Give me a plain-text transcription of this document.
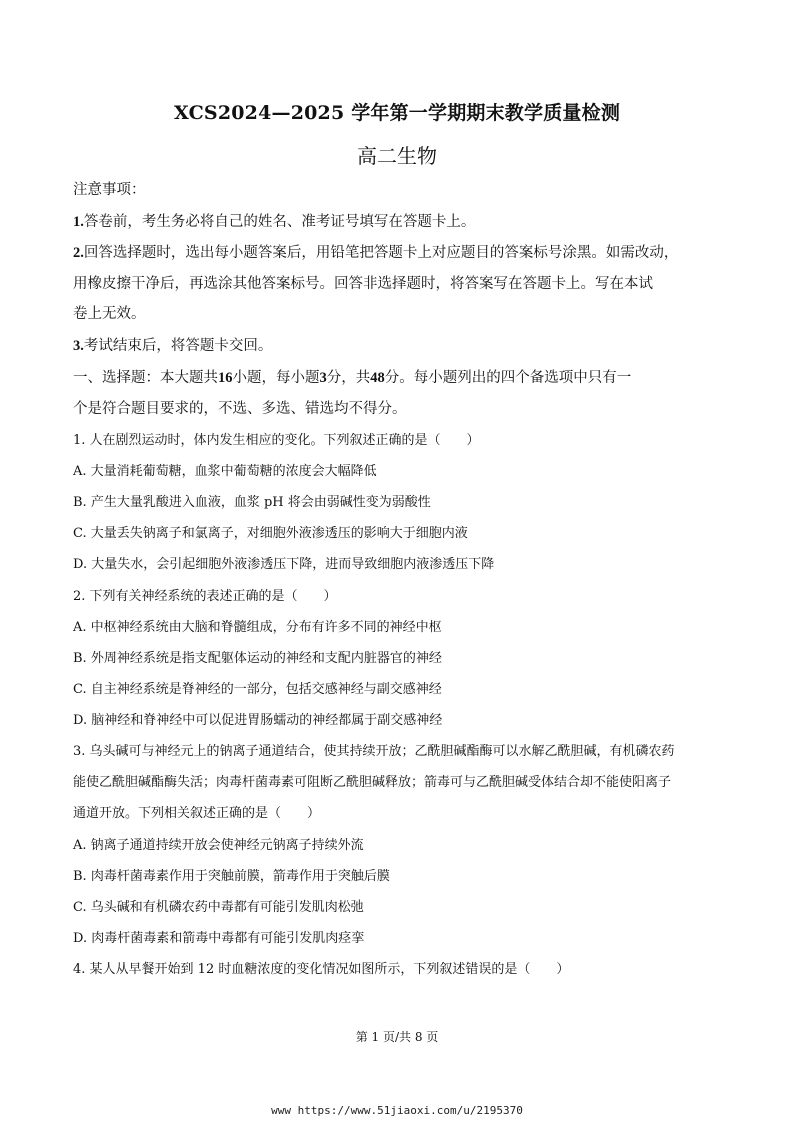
XCS2024—2025 学年第一学期期末教学质量检测
高二生物
注意事项：
1.答卷前，考生务必将自己的姓名、准考证号填写在答题卡上。
2.回答选择题时，选出每小题答案后，用铅笔把答题卡上对应题目的答案标号涂黑。如需改动，
用橡皮擦干净后，再选涂其他答案标号。回答非选择题时，将答案写在答题卡上。写在本试
卷上无效。
3.考试结束后，将答题卡交回。
一、选择题：本大题共16小题，每小题3分，共48分。每小题列出的四个备选项中只有一
个是符合题目要求的，不选、多选、错选均不得分。
1. 人在剧烈运动时，体内发生相应的变化。下列叙述正确的是（　　）
A. 大量消耗葡萄糖，血浆中葡萄糖的浓度会大幅降低
B. 产生大量乳酸进入血液，血浆 pH 将会由弱碱性变为弱酸性
C. 大量丢失钠离子和氯离子，对细胞外液渗透压的影响大于细胞内液
D. 大量失水，会引起细胞外液渗透压下降，进而导致细胞内液渗透压下降
2. 下列有关神经系统的表述正确的是（　　）
A. 中枢神经系统由大脑和脊髓组成，分布有许多不同的神经中枢
B. 外周神经系统是指支配躯体运动的神经和支配内脏器官的神经
C. 自主神经系统是脊神经的一部分，包括交感神经与副交感神经
D. 脑神经和脊神经中可以促进胃肠蠕动的神经都属于副交感神经
3. 乌头碱可与神经元上的钠离子通道结合，使其持续开放；乙酰胆碱酯酶可以水解乙酰胆碱，有机磷农药
能使乙酰胆碱酯酶失活；肉毒杆菌毒素可阻断乙酰胆碱释放；箭毒可与乙酰胆碱受体结合却不能使阳离子
通道开放。下列相关叙述正确的是（　　）
A. 钠离子通道持续开放会使神经元钠离子持续外流
B. 肉毒杆菌毒素作用于突触前膜，箭毒作用于突触后膜
C. 乌头碱和有机磷农药中毒都有可能引发肌肉松弛
D. 肉毒杆菌毒素和箭毒中毒都有可能引发肌肉痉挛
4. 某人从早餐开始到 12 时血糖浓度的变化情况如图所示，下列叙述错误的是（　　）
第 1 页/共 8 页
www https://www.51jiaoxi.com/u/2195370
